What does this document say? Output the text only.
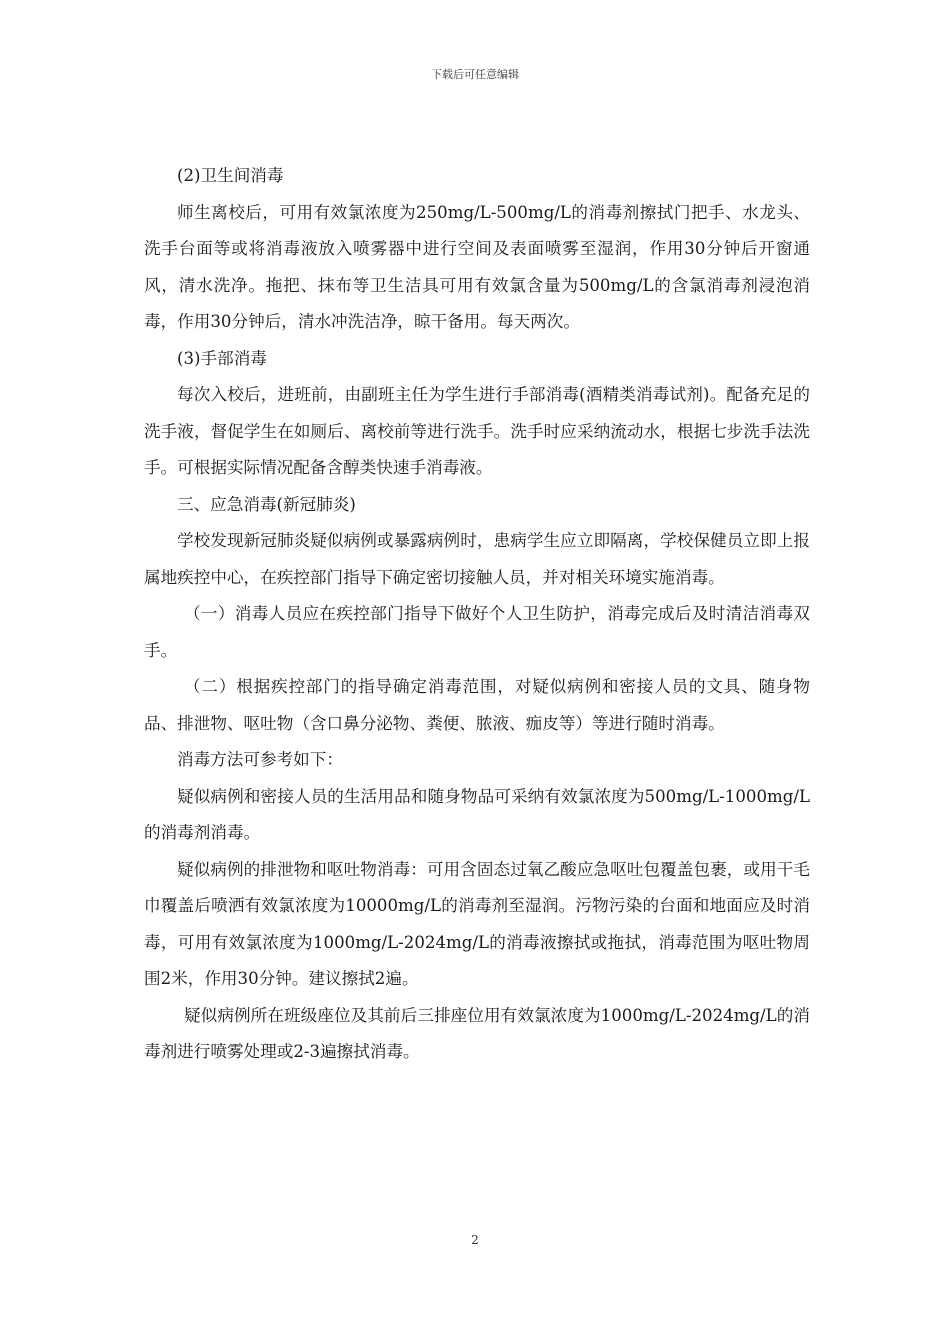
下载后可任意编辑

(2)卫生间消毒

师生离校后，可用有效氯浓度为250mg/L-500mg/L的消毒剂擦拭门把手、水龙头、洗手台面等或将消毒液放入喷雾器中进行空间及表面喷雾至湿润，作用30分钟后开窗通风，清水洗净。拖把、抹布等卫生洁具可用有效氯含量为500mg/L的含氯消毒剂浸泡消毒，作用30分钟后，清水冲洗洁净，晾干备用。每天两次。

(3)手部消毒

每次入校后，进班前，由副班主任为学生进行手部消毒(酒精类消毒试剂)。配备充足的洗手液，督促学生在如厕后、离校前等进行洗手。洗手时应采纳流动水，根据七步洗手法洗手。可根据实际情况配备含醇类快速手消毒液。

三、应急消毒(新冠肺炎)

学校发现新冠肺炎疑似病例或暴露病例时，患病学生应立即隔离，学校保健员立即上报属地疾控中心，在疾控部门指导下确定密切接触人员，并对相关环境实施消毒。

（一）消毒人员应在疾控部门指导下做好个人卫生防护，消毒完成后及时清洁消毒双手。

（二）根据疾控部门的指导确定消毒范围，对疑似病例和密接人员的文具、随身物品、排泄物、呕吐物（含口鼻分泌物、粪便、脓液、痂皮等）等进行随时消毒。

消毒方法可参考如下：

疑似病例和密接人员的生活用品和随身物品可采纳有效氯浓度为500mg/L-1000mg/L的消毒剂消毒。

疑似病例的排泄物和呕吐物消毒：可用含固态过氧乙酸应急呕吐包覆盖包裹，或用干毛巾覆盖后喷洒有效氯浓度为10000mg/L的消毒剂至湿润。污物污染的台面和地面应及时消毒，可用有效氯浓度为1000mg/L-2024mg/L的消毒液擦拭或拖拭，消毒范围为呕吐物周围2米，作用30分钟。建议擦拭2遍。

疑似病例所在班级座位及其前后三排座位用有效氯浓度为1000mg/L-2024mg/L的消毒剂进行喷雾处理或2-3遍擦拭消毒。

2
